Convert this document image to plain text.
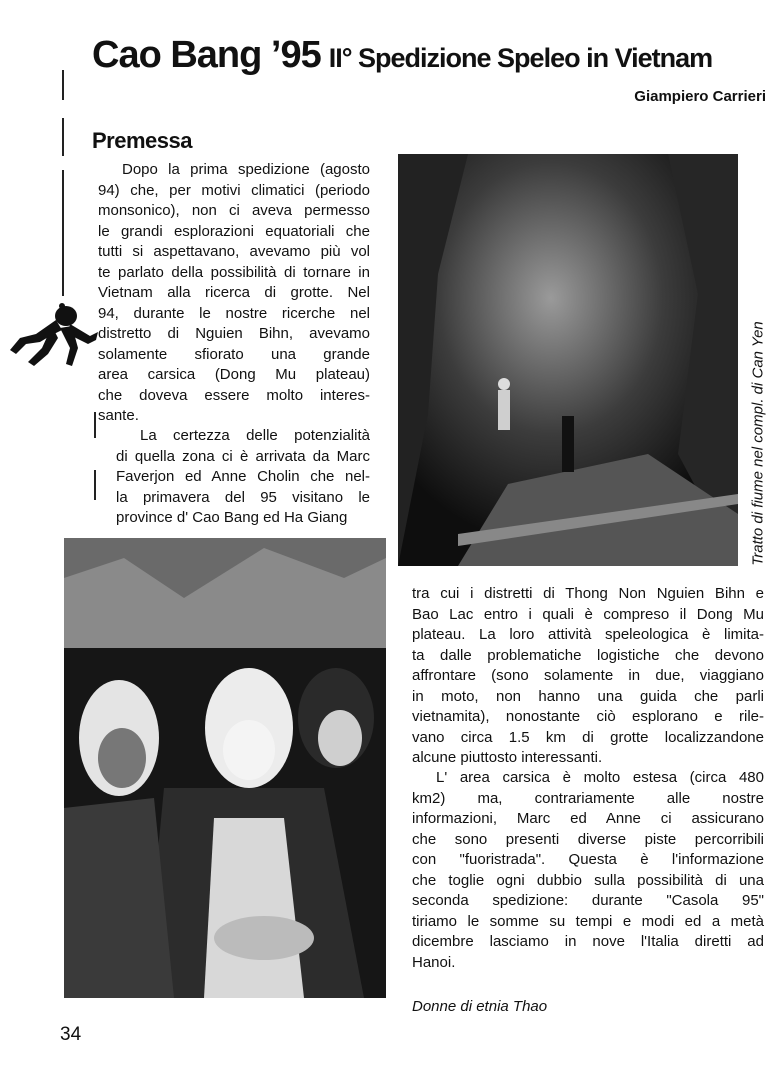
Cao Bang ’95 II° Spedizione Speleo in Vietnam
Giampiero Carrieri
Premessa
Dopo la prima spedizione (agosto
94) che, per motivi climatici (periodo
monsonico), non ci aveva permesso
le grandi esplorazioni equatoriali che
tutti si aspettavano, avevamo più vol
te parlato della possibilità di tornare in
Vietnam alla ricerca di grotte. Nel
94, durante le nostre ricerche nel
distretto di Nguien Bihn, avevamo
solamente sfiorato una grande
area carsica (Dong Mu plateau)
che doveva essere molto interes-
sante.
La certezza delle potenzialità
di quella zona ci è arrivata da Marc
Faverjon ed Anne Cholin che nel-
la primavera del 95 visitano le
province d' Cao Bang ed Ha Giang	Tratto di fiume nel compl. di Can Yen
tra cui i distretti di Thong Non Nguien Bihn e
Bao Lac entro i quali è compreso il Dong Mu
plateau. La loro attività speleologica è limita-
ta dalle problematiche logistiche che devono
affrontare (sono solamente in due, viaggiano
in moto, non hanno una guida che parli
vietnamita), nonostante ciò esplorano e rile-
vano circa 1.5 km di grotte localizzandone
alcune piuttosto interessanti.
L' area carsica è molto estesa (circa 480
km2) ma, contrariamente alle nostre
informazioni, Marc ed Anne ci assicurano
che sono presenti diverse piste percorribili
con "fuoristrada". Questa è l'informazione
che toglie ogni dubbio sulla possibilità di una
seconda spedizione: durante "Casola 95"
tiriamo le somme su tempi e modi ed a metà
dicembre lasciamo in nove l'Italia diretti ad
Hanoi.
Donne di etnia Thao
34
